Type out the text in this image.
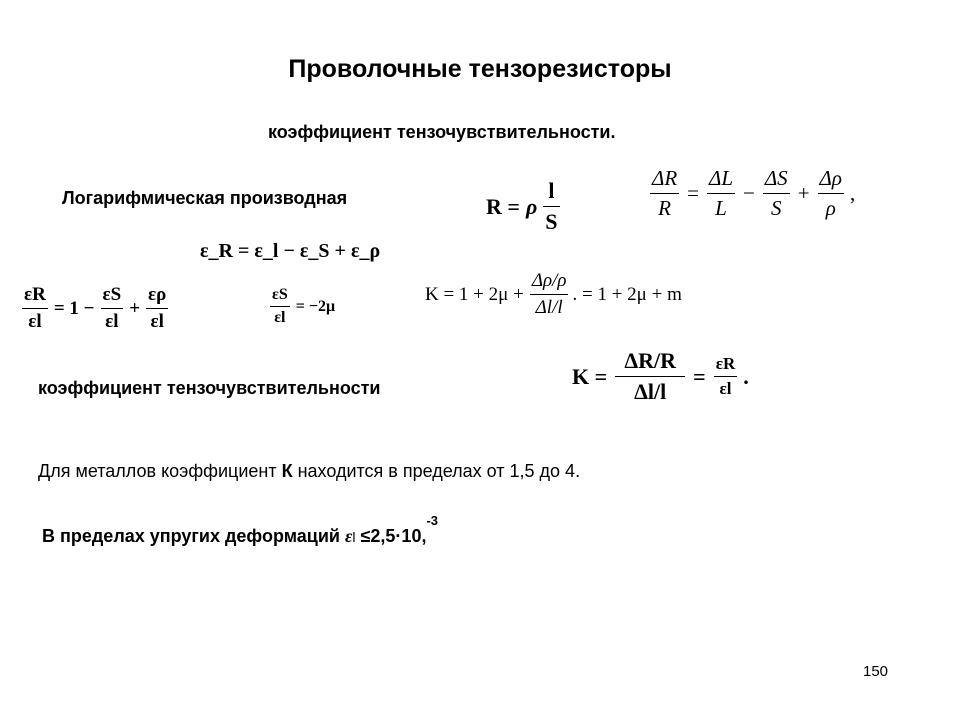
Проволочные тензорезисторы
коэффициент тензочувствительности.
Логарифмическая производная	R = ρ $\frac{l}{S}$	$\frac{\Delta R}{R} = \frac{\Delta L}{L} - \frac{\Delta S}{S} + \frac{\Delta\rho}{\rho}$ ,
ε_R = ε_l − ε_S + ε_ρ
$\frac{\varepsilon R}{\varepsilon l} = 1 - \frac{\varepsilon S}{\varepsilon l} + \frac{\varepsilon\rho}{\varepsilon l}$	$\frac{\varepsilon S}{\varepsilon l} = -2\mu$
$K = 1 + 2\mu + \frac{\Delta\rho/\rho}{\Delta l/l}$ . = 1 + 2μ + m
коэффициент тензочувствительности	$K = \frac{\Delta R/R}{\Delta l/l} = \frac{\varepsilon R}{\varepsilon l}$ .
Для металлов коэффициент К находится в пределах от 1,5 до 4.
В пределах упругих деформаций εl ≤2,5·10,$^{-3}$
150
